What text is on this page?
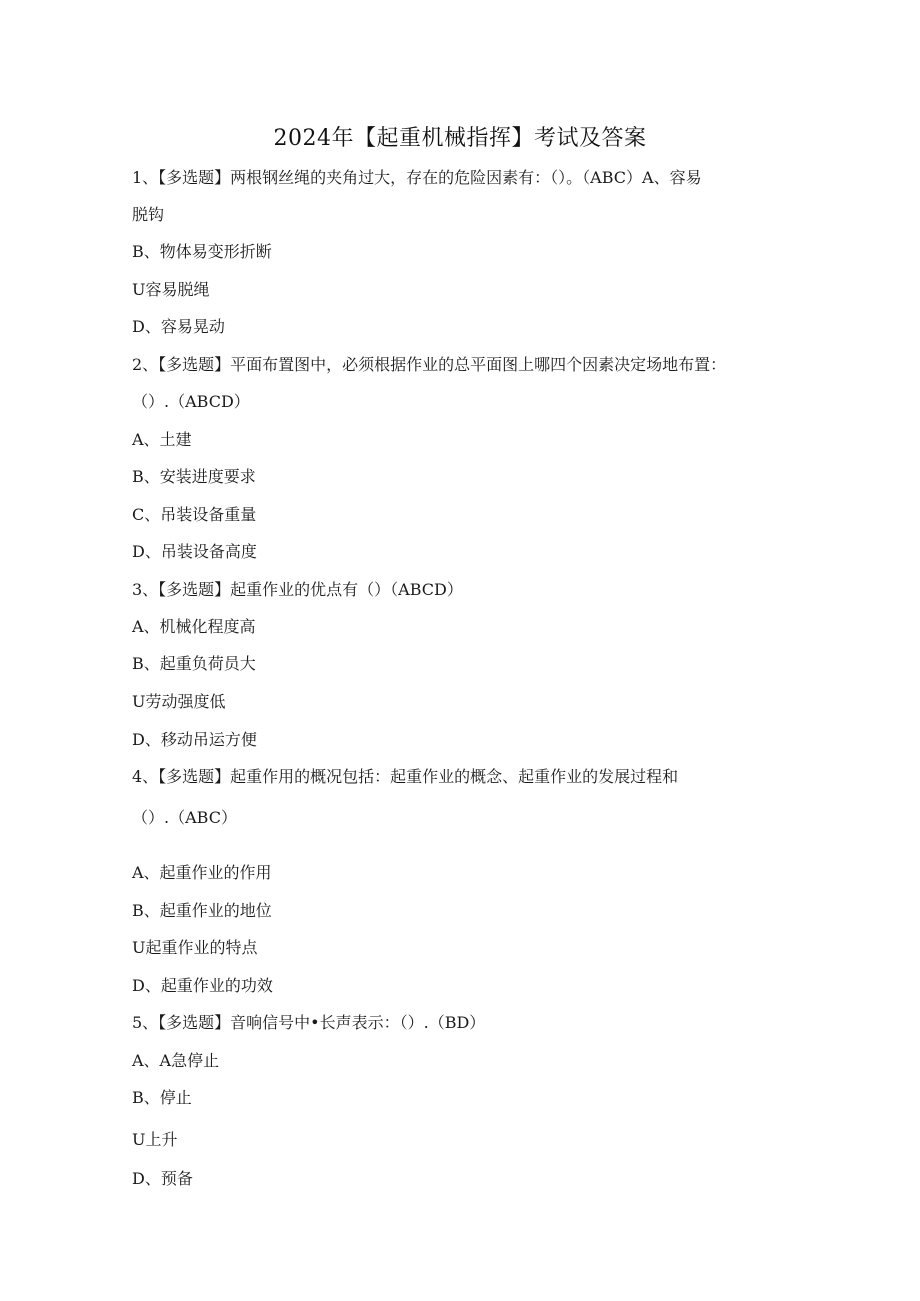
2024年【起重机械指挥】考试及答案
1、【多选题】两根钢丝绳的夹角过大，存在的危险因素有：（）。（ABC）A、容易
脱钩
B、物体易变形折断
U容易脱绳
D、容易晃动
2、【多选题】平面布置图中，必须根据作业的总平面图上哪四个因素决定场地布置：
（）.（ABCD）
A、土建
B、安装进度要求
C、吊装设备重量
D、吊装设备高度
3、【多选题】起重作业的优点有（）（ABCD）
A、机械化程度高
B、起重负荷员大
U劳动强度低
D、移动吊运方便
4、【多选题】起重作用的概况包括：起重作业的概念、起重作业的发展过程和
（）.（ABC）
A、起重作业的作用
B、起重作业的地位
U起重作业的特点
D、起重作业的功效
5、【多选题】音响信号中•长声表示：（）.（BD）
A、A急停止
B、停止
U上升
D、预备
